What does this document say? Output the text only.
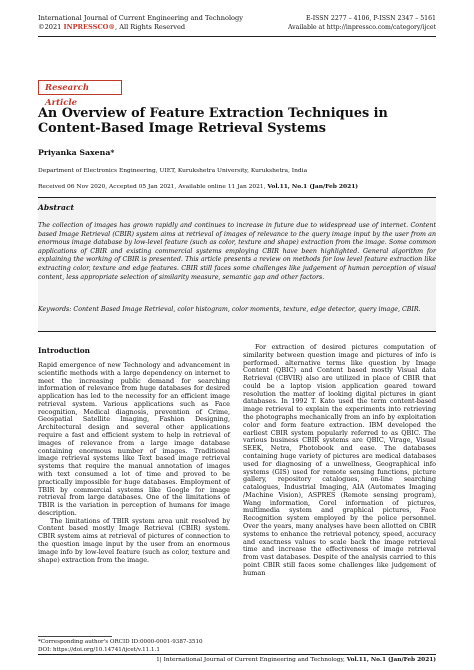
International Journal of Current Engineering and Technology
©2021 INPRESSCO®, All Rights Reserved
E-ISSN 2277 – 4106, P-ISSN 2347 – 5161
Available at http://inpressco.com/category/ijcet
Research Article
An Overview of Feature Extraction Techniques in Content-Based Image Retrieval Systems
Priyanka Saxena*
Department of Electronics Engineering, UIET, Kurukshetra University, Kurukshetra, India
Received 06 Nov 2020, Accepted 05 Jan 2021, Available online 11 Jan 2021, Vol.11, No.1 (Jan/Feb 2021)
Abstract
The collection of images has grown rapidly and continues to increase in future due to widespread use of internet. Content based Image Retrieval (CBIR) system aims at retrieval of images of relevance to the query image input by the user from an enormous image database by low-level feature (such as color, texture and shape) extraction from the image. Some common applications of CBIR and existing commercial systems employing CBIR have been highlighted. General algorithm for explaining the working of CBIR is presented. This article presents a review on methods for low level feature extraction like extracting color, texture and edge features. CBIR still faces some challenges like judgement of human perception of visual content, less appropriate selection of similarity measure, semantic gap and other factors.
Keywords: Content Based Image Retrieval, color histogram, color moments, texture, edge detector, query image, CBIR.
Introduction

Rapid emergence of new Technology and advancement in scientific methods with a large dependency on internet to meet the increasing public demand for searching information of relevance from huge databases for desired application has led to the necessity for an efficient image retrieval system. Various applications such as Face recognition, Medical diagnosis, prevention of Crime, Geospatial Satellite Imaging, Fashion Designing, Architectural design and several other applications require a fast and efficient system to help in retrieval of images of relevance from a large image database containing enormous number of images. Traditional image retrieval systems like Text based image retrieval systems that require the manual annotation of images with text consumed a lot of time and proved to be practically impossible for huge databases. Employment of TBIR by commercial systems like Google for image retrieval from large databases. One of the limitations of TBIR is the variation in perception of humans for image description.

The limitations of TBIR system area unit resolved by Content based mostly Image Retrieval (CBIR) system. CBIR system aims at retrieval of pictures of connection to the question image input by the user from an enormous image info by low-level feature (such as color, texture and shape) extraction from the image.

For extraction of desired pictures computation of similarity between question image and pictures of info is performed. alternative terms like question by Image Content (QBIC) and Content based mostly Visual data Retrieval (CBVIR) also are utilized in place of CBIR that could be a laptop vision application geared toward resolution the matter of looking digital pictures in giant databases. In 1992 T. Kato used the term content-based image retrieval to explain the experiments into retrieving the photographs mechanically from an info by exploitation color and form feature extraction. IBM developed the earliest CBIR system popularly referred to as QBIC. The various business CBIR systems are QBIC, Virage, Visual SEEK, Netra, Photobook and ease. The databases containing huge variety of pictures are medical databases used for diagnosing of a unwellness, Geographical info systems (GIS) used for remote sensing functions, picture gallery, repository catalogues, on-line searching catalogues, Industrial Imaging, AIA (Automates Imaging /Machine Vision), ASPRES (Remote sensing program), Wang information, Corel information of pictures, multimedia system and graphical pictures, Face Recognition system employed by the police personnel. Over the years, many analyses have been allotted on CBIR systems to enhance the retrieval potency, speed, accuracy and exactness values to scale back the image retrieval time and increase the effectiveness of image retrieval from vast databases. Despite of the analysis carried to this point CBIR still faces some challenges like judgement of human

*Corresponding author's ORCID ID:0000-0001-9387-3510
DOI: https://doi.org/10.14741/ijcet/v.11.1.1
1| International Journal of Current Engineering and Technology, Vol.11, No.1 (Jan/Feb 2021)
